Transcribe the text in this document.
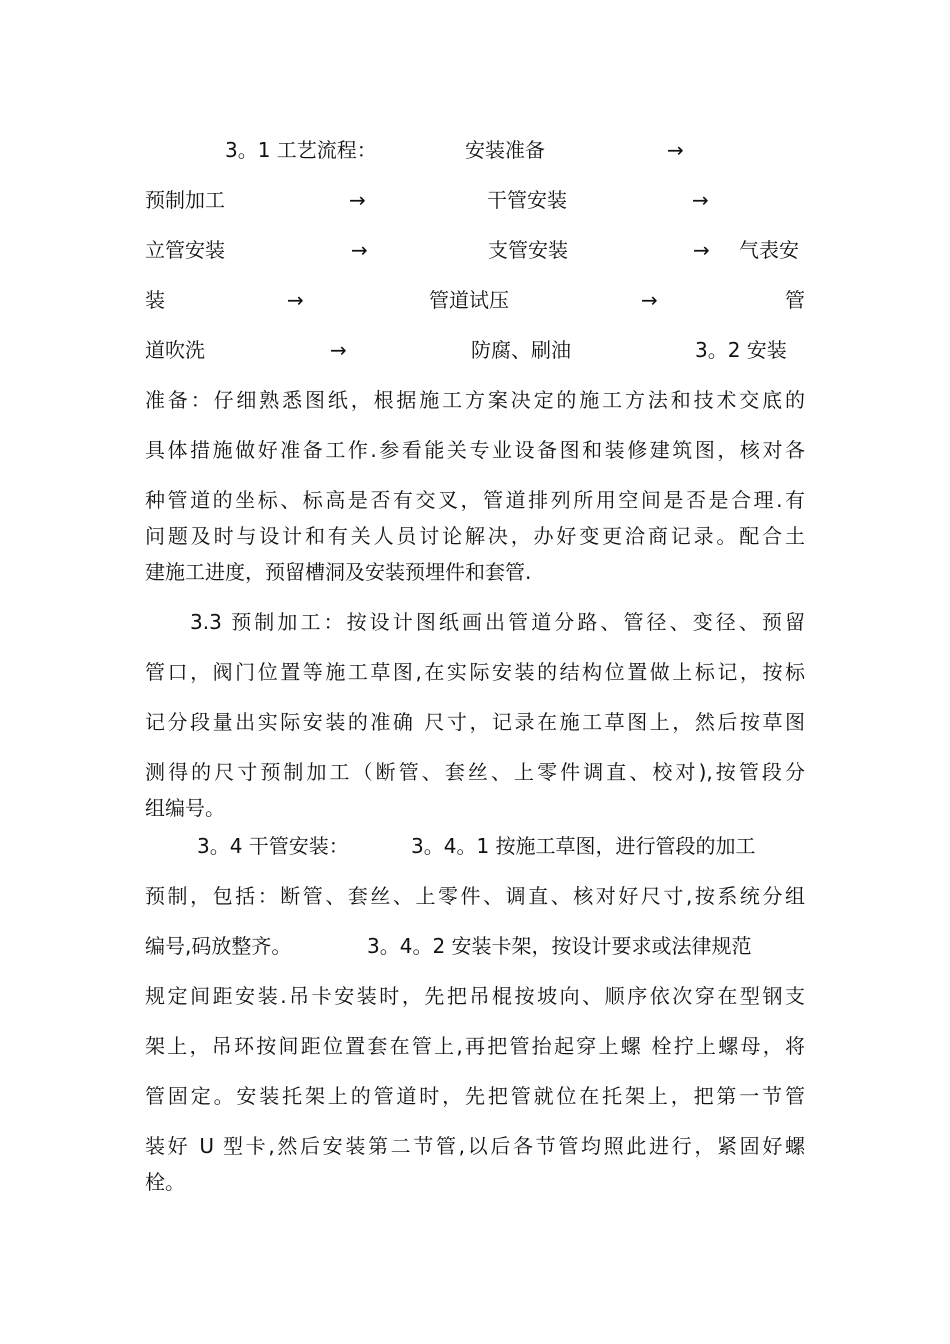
3。1 工艺流程：	安装准备	→
预制加工	→	干管安装	→
立管安装	→	支管安装	→ 气表安
装	→	管道试压	→	管
道吹洗	→	防腐、刷油	3。2 安装
准备：仔细熟悉图纸，根据施工方案决定的施工方法和技术交底的
具体措施做好准备工作.参看能关专业设备图和装修建筑图，核对各
种管道的坐标、标高是否有交叉，管道排列所用空间是否是合理.有
问题及时与设计和有关人员讨论解决，办好变更洽商记录。配合土
建施工进度，预留槽洞及安装预埋件和套管.
3.3 预制加工：按设计图纸画出管道分路、管径、变径、预留
管口，阀门位置等施工草图,在实际安装的结构位置做上标记，按标
记分段量出实际安装的准确 尺寸，记录在施工草图上，然后按草图
测得的尺寸预制加工（断管、套丝、上零件调直、校对),按管段分
组编号。
3。4 干管安装：	3。4。1 按施工草图，进行管段的加工
预制，包括：断管、套丝、上零件、调直、核对好尺寸,按系统分组
编号,码放整齐。	3。4。2 安装卡架，按设计要求或法律规范
规定间距安装.吊卡安装时，先把吊棍按坡向、顺序依次穿在型钢支
架上，吊环按间距位置套在管上,再把管抬起穿上螺 栓拧上螺母，将
管固定。安装托架上的管道时，先把管就位在托架上，把第一节管
装好 U 型卡,然后安装第二节管,以后各节管均照此进行，紧固好螺
栓。
